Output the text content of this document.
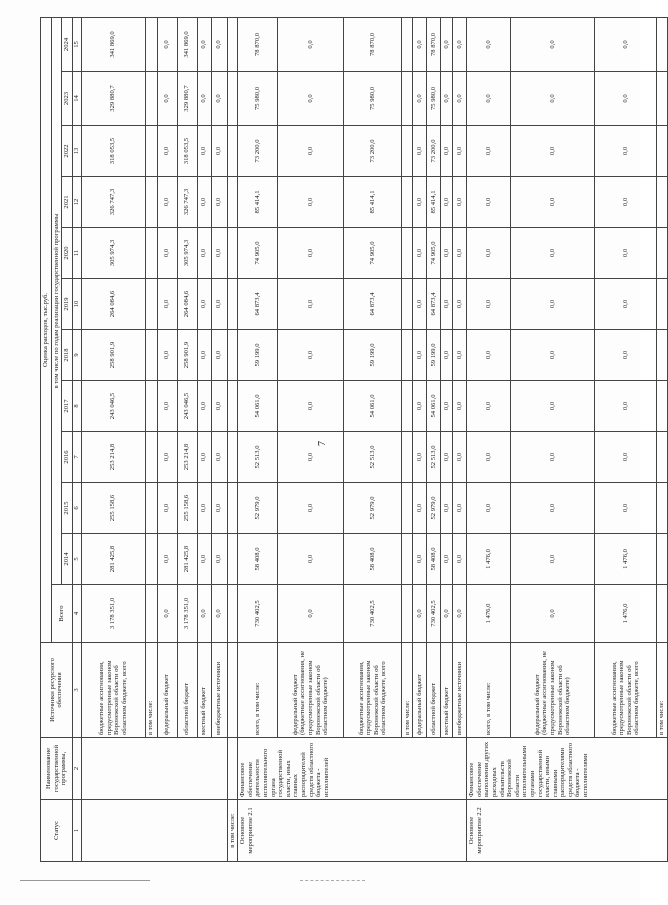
7
Статус	Наименование государственной программы,	Источники ресурсного обеспечения	Оценка расходов, тыс.руб.											
			Всего	в том числе по годам реализации государственной программы										
				2014	2015	2016	2017	2018	2019	2020	2021	2022	2023	2024
1	2	3	4	5	6	7	8	9	10	11	12	13	14	15
		бюджетные ассигнования, предусмотренные законом Воронежской области об областном бюджете, всего	3 178 351,0	281 425,8	255 158,6	253 214,8	243 046,5	258 901,9	264 084,6	305 974,3	326 747,3	318 053,5	329 880,7	341 869,0
		в том числе:												
		федеральный бюджет	0,0	0,0	0,0	0,0	0,0	0,0	0,0	0,0	0,0	0,0	0,0	0,0
		областной бюджет	3 178 351,0	281 425,8	255 158,6	253 214,8	243 046,5	258 901,9	264 084,6	305 974,3	326 747,3	318 053,5	329 880,7	341 869,0
		местный бюджет	0,0	0,0	0,0	0,0	0,0	0,0	0,0	0,0	0,0	0,0	0,0	0,0
		внебюджетные источники	0,0	0,0	0,0	0,0	0,0	0,0	0,0	0,0	0,0	0,0	0,0	0,0
в том числе:														
Основное мероприятие 2.1	Финансовое обеспечение деятельности исполнительного органа государственной власти, иных главных распорядителей средств областного бюджета - исполнителей	всего, в том числе:	730 402,5	58 408,0	52 979,0	52 513,0	54 061,0	59 199,0	64 873,4	74 905,0	85 414,1	73 200,0	75 980,0	78 870,0
		федеральный бюджет (бюджетные ассигнования, не предусмотренные законом Воронежской области об областном бюджете)	0,0	0,0	0,0	0,0	0,0	0,0	0,0	0,0	0,0	0,0	0,0	0,0
		бюджетные ассигнования, предусмотренные законом Воронежской области об областном бюджете, всего	730 402,5	58 408,0	52 979,0	52 513,0	54 061,0	59 199,0	64 873,4	74 905,0	85 414,1	73 200,0	75 980,0	78 870,0
		в том числе:												
		федеральный бюджет	0,0	0,0	0,0	0,0	0,0	0,0	0,0	0,0	0,0	0,0	0,0	0,0
		областной бюджет	730 402,5	58 408,0	52 979,0	52 513,0	54 061,0	59 199,0	64 873,4	74 905,0	85 414,1	73 200,0	75 980,0	78 870,0
		местный бюджет	0,0	0,0	0,0	0,0	0,0	0,0	0,0	0,0	0,0	0,0	0,0	0,0
		внебюджетные источники	0,0	0,0	0,0	0,0	0,0	0,0	0,0	0,0	0,0	0,0	0,0	0,0
Основное мероприятие 2.2	Финансовое обеспечение выполнения других расходных обязательств Воронежской области исполнительными органами государственной власти, иными главными распорядителями средств областного бюджета - исполнителями	всего, в том числе:	1 476,0	1 476,0	0,0	0,0	0,0	0,0	0,0	0,0	0,0	0,0	0,0	0,0
		федеральный бюджет (бюджетные ассигнования, не предусмотренные законом Воронежской области об областном бюджете)	0,0	0,0	0,0	0,0	0,0	0,0	0,0	0,0	0,0	0,0	0,0	0,0
		бюджетные ассигнования, предусмотренные законом Воронежской области об областном бюджете, всего	1 476,0	1 476,0	0,0	0,0	0,0	0,0	0,0	0,0	0,0	0,0	0,0	0,0
		в том числе:												
